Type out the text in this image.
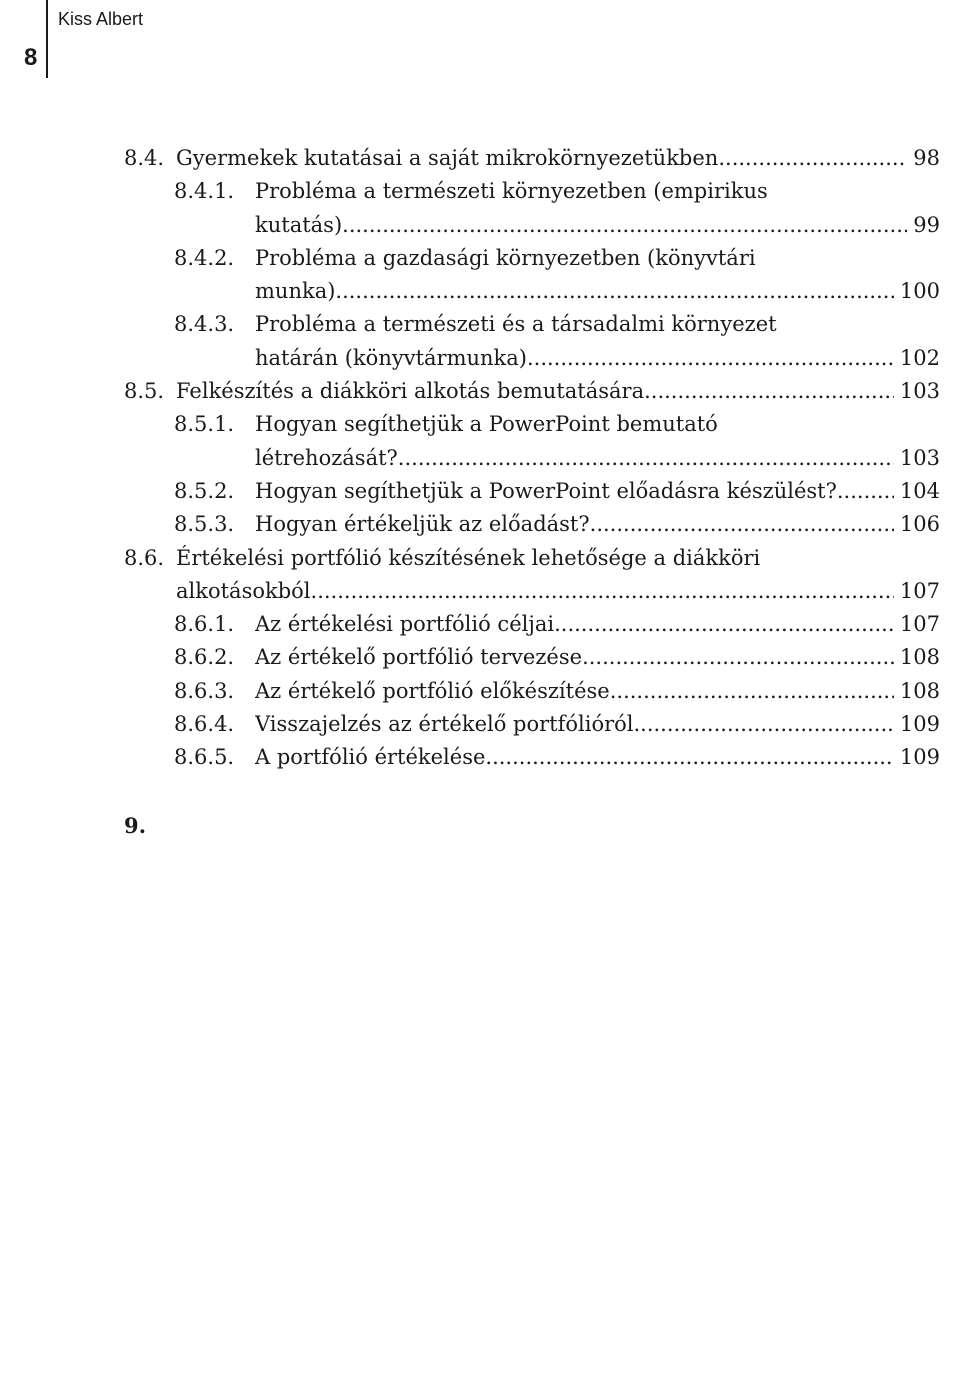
8
Kiss Albert
8.4. Gyermekek kutatásai a saját mikrokörnyezetükben .....	98
8.4.1. Probléma a természeti környezetben (empirikus
kutatás) .....	99
8.4.2. Probléma a gazdasági környezetben (könyvtári
munka) .....	100
8.4.3. Probléma a természeti és a társadalmi környezet
határán (könyvtármunka) .....	102
8.5. Felkészítés a diákköri alkotás bemutatására .....	103
8.5.1. Hogyan segíthetjük a PowerPoint bemutató
létrehozását? .....	103
8.5.2. Hogyan segíthetjük a PowerPoint előadásra készülést? .....	104
8.5.3. Hogyan értékeljük az előadást? .....	106
8.6. Értékelési portfólió készítésének lehetősége a diákköri
alkotásokból .....	107
8.6.1. Az értékelési portfólió céljai .....	107
8.6.2. Az értékelő portfólió tervezése .....	108
8.6.3. Az értékelő portfólió előkészítése .....	108
8.6.4. Visszajelzés az értékelő portfólióról .....	109
8.6.5. A portfólió értékelése .....	109
9.
